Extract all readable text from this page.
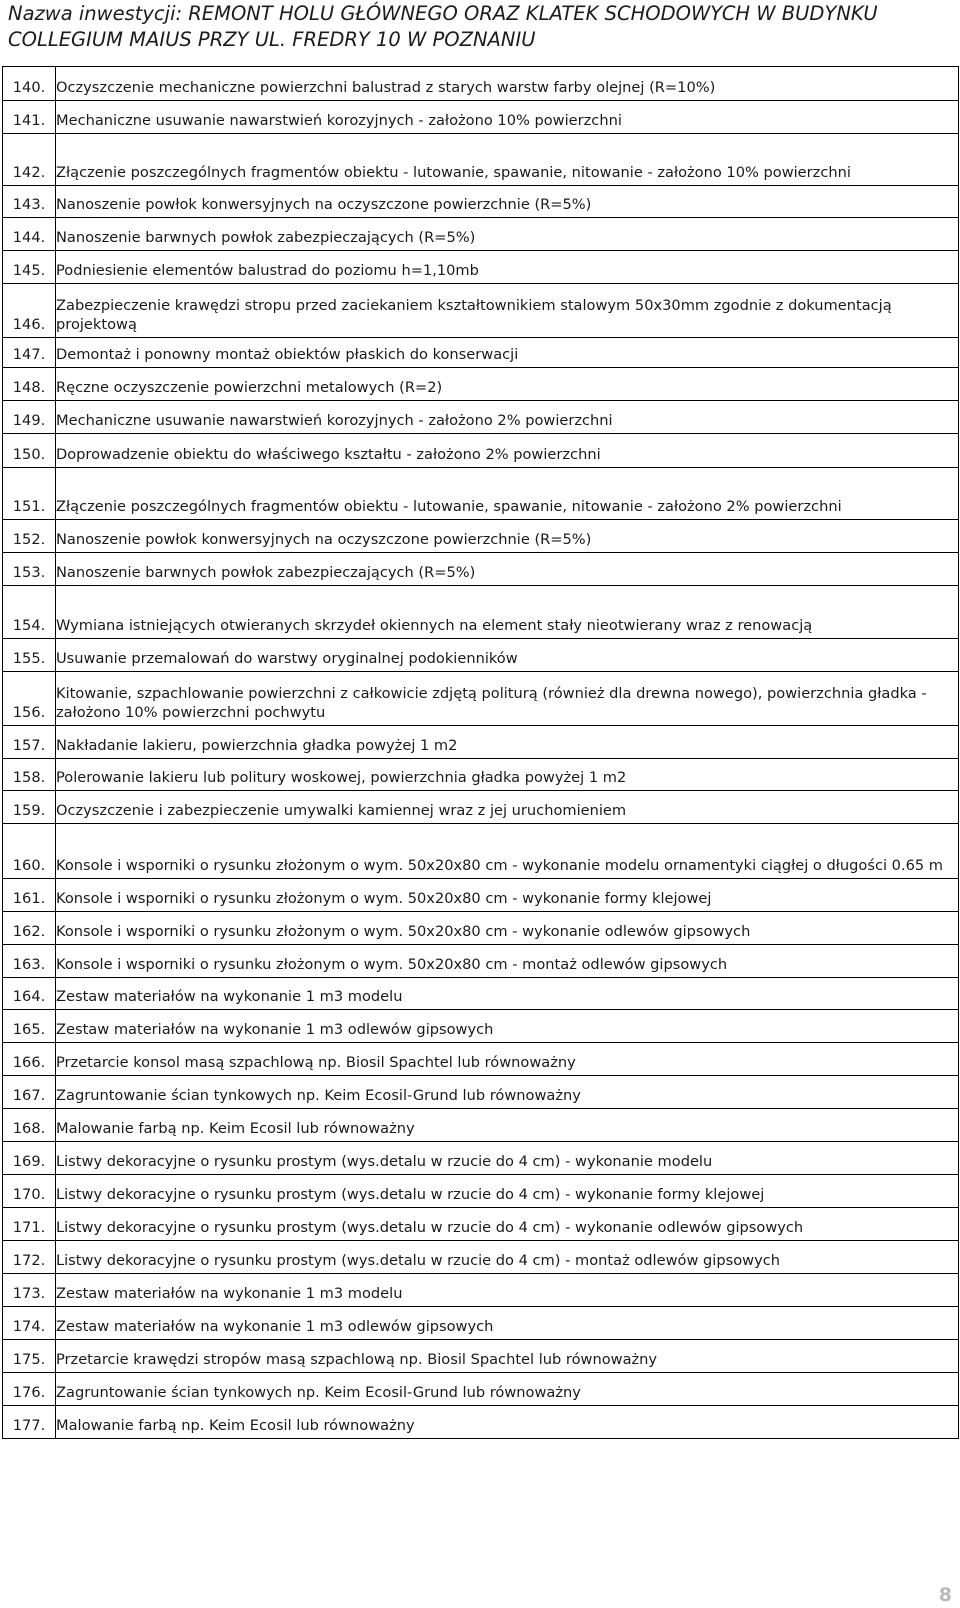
Nazwa inwestycji: REMONT HOLU GŁÓWNEGO ORAZ KLATEK SCHODOWYCH W BUDYNKU
COLLEGIUM MAIUS PRZY UL. FREDRY 10 W POZNANIU
140.	Oczyszczenie mechaniczne powierzchni balustrad z starych warstw farby olejnej (R=10%)
141.	Mechaniczne usuwanie nawarstwień korozyjnych - założono 10% powierzchni
142.	Złączenie poszczególnych fragmentów obiektu - lutowanie, spawanie, nitowanie - założono 10% powierzchni
143.	Nanoszenie powłok konwersyjnych na oczyszczone powierzchnie (R=5%)
144.	Nanoszenie barwnych powłok zabezpieczających (R=5%)
145.	Podniesienie elementów balustrad do poziomu h=1,10mb
146.	Zabezpieczenie krawędzi stropu przed zaciekaniem kształtownikiem stalowym 50x30mm zgodnie z dokumentacją projektową
147.	Demontaż i ponowny montaż obiektów płaskich do konserwacji
148.	Ręczne oczyszczenie powierzchni metalowych (R=2)
149.	Mechaniczne usuwanie nawarstwień korozyjnych - założono 2% powierzchni
150.	Doprowadzenie obiektu do właściwego kształtu - założono 2% powierzchni
151.	Złączenie poszczególnych fragmentów obiektu - lutowanie, spawanie, nitowanie - założono 2% powierzchni
152.	Nanoszenie powłok konwersyjnych na oczyszczone powierzchnie (R=5%)
153.	Nanoszenie barwnych powłok zabezpieczających (R=5%)
154.	Wymiana istniejących otwieranych skrzydeł okiennych na element stały nieotwierany wraz z renowacją
155.	Usuwanie przemalowań do warstwy oryginalnej podokienników
156.	Kitowanie, szpachlowanie powierzchni z całkowicie zdjętą politurą (również dla drewna nowego), powierzchnia gładka - założono 10% powierzchni pochwytu
157.	Nakładanie lakieru, powierzchnia gładka powyżej 1 m2
158.	Polerowanie lakieru lub politury woskowej, powierzchnia gładka powyżej 1 m2
159.	Oczyszczenie i zabezpieczenie umywalki kamiennej wraz z jej uruchomieniem
160.	Konsole i wsporniki o rysunku złożonym o wym. 50x20x80 cm - wykonanie modelu ornamentyki ciągłej o długości 0.65 m
161.	Konsole i wsporniki o rysunku złożonym o wym. 50x20x80 cm - wykonanie formy klejowej
162.	Konsole i wsporniki o rysunku złożonym o wym. 50x20x80 cm - wykonanie odlewów gipsowych
163.	Konsole i wsporniki o rysunku złożonym o wym. 50x20x80 cm - montaż odlewów gipsowych
164.	Zestaw materiałów na wykonanie 1 m3 modelu
165.	Zestaw materiałów na wykonanie 1 m3 odlewów gipsowych
166.	Przetarcie konsol masą szpachlową np. Biosil Spachtel lub równoważny
167.	Zagruntowanie ścian tynkowych np. Keim Ecosil-Grund lub równoważny
168.	Malowanie farbą np. Keim Ecosil lub równoważny
169.	Listwy dekoracyjne o rysunku prostym (wys.detalu w rzucie do 4 cm) - wykonanie modelu
170.	Listwy dekoracyjne o rysunku prostym (wys.detalu w rzucie do 4 cm) - wykonanie formy klejowej
171.	Listwy dekoracyjne o rysunku prostym (wys.detalu w rzucie do 4 cm) - wykonanie odlewów gipsowych
172.	Listwy dekoracyjne o rysunku prostym (wys.detalu w rzucie do 4 cm) - montaż odlewów gipsowych
173.	Zestaw materiałów na wykonanie 1 m3 modelu
174.	Zestaw materiałów na wykonanie 1 m3 odlewów gipsowych
175.	Przetarcie krawędzi stropów masą szpachlową np. Biosil Spachtel lub równoważny
176.	Zagruntowanie ścian tynkowych np. Keim Ecosil-Grund lub równoważny
177.	Malowanie farbą np. Keim Ecosil lub równoważny
8
